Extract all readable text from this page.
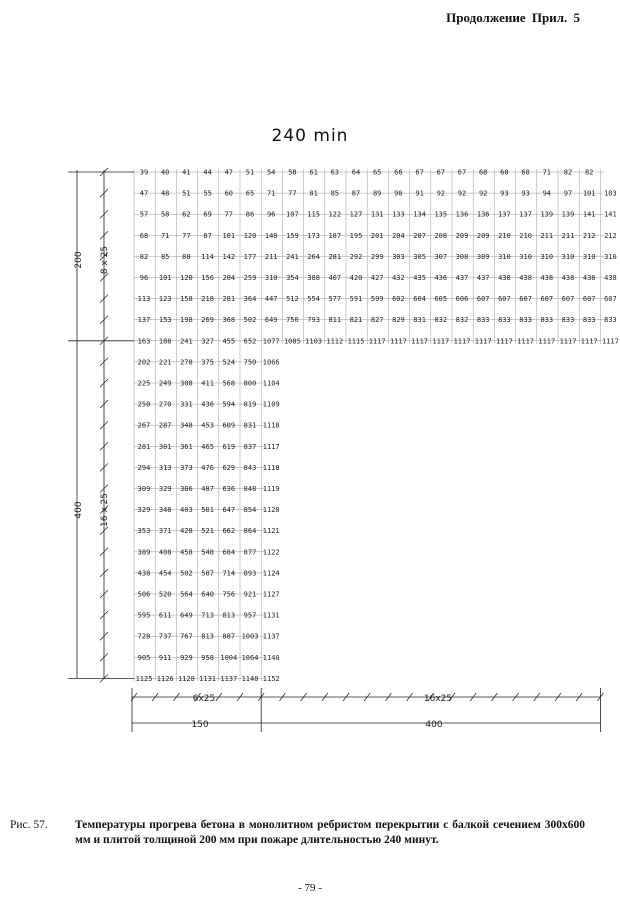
Продолжение Прил. 5
240 min
39 40 41 44 47 51 54 58 61 63 64 65 66 67 67 67 68 68 68 71 82 82
47 48 51 55 60 65 71 77 81 85 87 89 90 91 92 92 92 93 93 94 97 101 103
57 58 62 69 77 86 96 107 115 122 127 131 133 134 135 136 136 137 137 139 139 141 141
68 71 77 87 101 120 140 159 173 187 195 201 204 207 208 209 209 210 210 211 211 212 212
82 85 88 114 142 177 211 241 264 281 292 299 303 305 307 308 309 310 310 310 310 310 310
96 101 120 156 204 259 310 354 388 407 420 427 432 435 436 437 437 438 438 438 438 438 438
113 123 158 218 281 364 447 512 554 577 591 599 602 604 605 606 607 607 607 607 607 607 607
137 153 198 269 368 502 649 750 793 811 821 827 829 831 832 832 833 833 833 833 833 833 833
163 188 241 327 455 652 1077 1085 1103 1112 1115 1117 1117 1117 1117 1117 1117 1117 1117 1117 1117 1117 1117
202 221 278 375 524 750 1066
225 249 308 411 568 800 1104
250 270 331 436 594 819 1109
267 287 348 453 609 831 1118
281 301 361 465 619 837 1117
294 313 373 476 629 843 1118
309 329 386 487 636 848 1119
329 348 403 501 647 854 1120
353 371 428 521 662 864 1121
389 408 458 548 684 877 1122
438 454 502 587 714 893 1124
506 520 564 640 756 921 1127
595 611 649 713 813 957 1131
728 737 767 813 887 1003 1137
905 911 929 958 1004 1064 1140
1125 1126 1128 1131 1137 1140 1152
200 8 x 25
400 16 x 25
6x25	16x25
150	400
Рис. 57. Температуры прогрева бетона в монолитном ребристом перекрытии с балкой сечением 300x600 мм и плитой толщиной 200 мм при пожаре длительностью 240 минут.
- 79 -
